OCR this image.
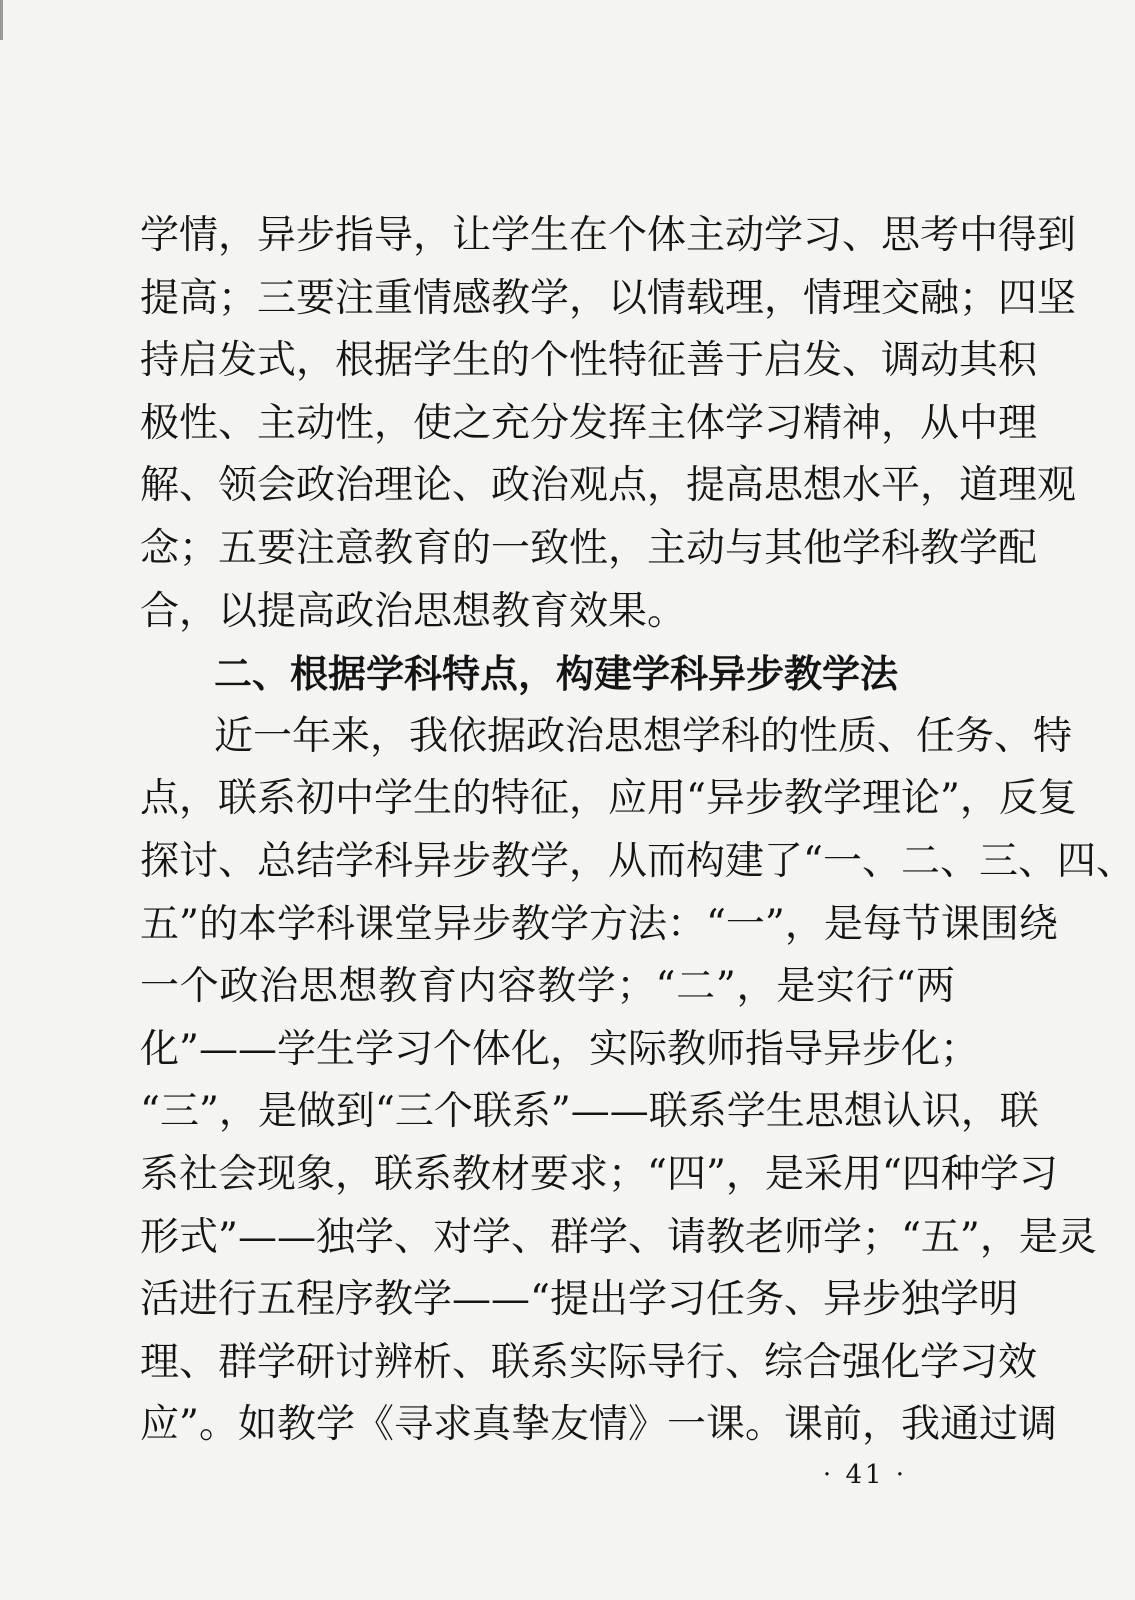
学情，异步指导，让学生在个体主动学习、思考中得到
提高；三要注重情感教学，以情载理，情理交融；四坚
持启发式，根据学生的个性特征善于启发、调动其积
极性、主动性，使之充分发挥主体学习精神，从中理
解、领会政治理论、政治观点，提高思想水平，道理观
念；五要注意教育的一致性，主动与其他学科教学配
合，以提高政治思想教育效果。
二、根据学科特点，构建学科异步教学法
近一年来，我依据政治思想学科的性质、任务、特
点，联系初中学生的特征，应用“异步教学理论”，反复
探讨、总结学科异步教学，从而构建了“一、二、三、四、
五”的本学科课堂异步教学方法：“一”，是每节课围绕
一个政治思想教育内容教学；“二”，是实行“两
化”——学生学习个体化，实际教师指导异步化；
“三”，是做到“三个联系”——联系学生思想认识，联
系社会现象，联系教材要求；“四”，是采用“四种学习
形式”——独学、对学、群学、请教老师学；“五”，是灵
活进行五程序教学——“提出学习任务、异步独学明
理、群学研讨辨析、联系实际导行、综合强化学习效
应”。如教学《寻求真挚友情》一课。课前，我通过调
· 41 ·
